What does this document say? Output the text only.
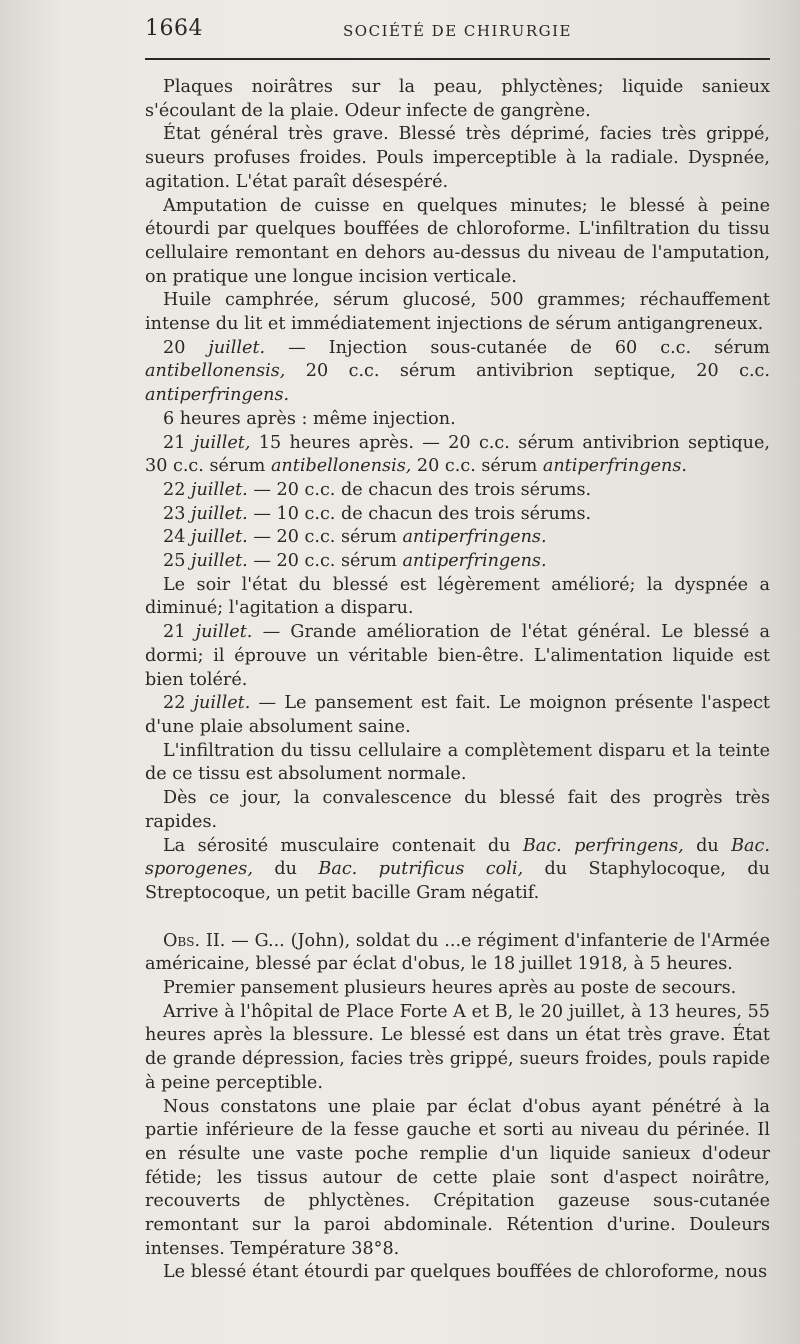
1664	SOCIÉTÉ DE CHIRURGIE

Plaques noirâtres sur la peau, phlyctènes; liquide sanieux s'écoulant de la plaie. Odeur infecte de gangrène.

État général très grave. Blessé très déprimé, facies très grippé, sueurs profuses froides. Pouls imperceptible à la radiale. Dyspnée, agitation. L'état paraît désespéré.

Amputation de cuisse en quelques minutes; le blessé à peine étourdi par quelques bouffées de chloroforme. L'infiltration du tissu cellulaire remontant en dehors au-dessus du niveau de l'amputation, on pratique une longue incision verticale.

Huile camphrée, sérum glucosé, 500 grammes; réchauffement intense du lit et immédiatement injections de sérum antigangreneux.

20 juillet. — Injection sous-cutanée de 60 c.c. sérum antibellonensis, 20 c.c. sérum antivibrion septique, 20 c.c. antiperfringens.

6 heures après : même injection.

21 juillet, 15 heures après. — 20 c.c. sérum antivibrion septique, 30 c.c. sérum antibellonensis, 20 c.c. sérum antiperfringens.

22 juillet. — 20 c.c. de chacun des trois sérums.

23 juillet. — 10 c.c. de chacun des trois sérums.

24 juillet. — 20 c.c. sérum antiperfringens.

25 juillet. — 20 c.c. sérum antiperfringens.

Le soir l'état du blessé est légèrement amélioré; la dyspnée a diminué; l'agitation a disparu.

21 juillet. — Grande amélioration de l'état général. Le blessé a dormi; il éprouve un véritable bien-être. L'alimentation liquide est bien toléré.

22 juillet. — Le pansement est fait. Le moignon présente l'aspect d'une plaie absolument saine.

L'infiltration du tissu cellulaire a complètement disparu et la teinte de ce tissu est absolument normale.

Dès ce jour, la convalescence du blessé fait des progrès très rapides.

La sérosité musculaire contenait du Bac. perfringens, du Bac. sporogenes, du Bac. putrificus coli, du Staphylocoque, du Streptocoque, un petit bacille Gram négatif.

Obs. II. — G... (John), soldat du ...e régiment d'infanterie de l'Armée américaine, blessé par éclat d'obus, le 18 juillet 1918, à 5 heures.

Premier pansement plusieurs heures après au poste de secours.

Arrive à l'hôpital de Place Forte A et B, le 20 juillet, à 13 heures, 55 heures après la blessure. Le blessé est dans un état très grave. État de grande dépression, facies très grippé, sueurs froides, pouls rapide à peine perceptible.

Nous constatons une plaie par éclat d'obus ayant pénétré à la partie inférieure de la fesse gauche et sorti au niveau du périnée. Il en résulte une vaste poche remplie d'un liquide sanieux d'odeur fétide; les tissus autour de cette plaie sont d'aspect noirâtre, recouverts de phlyctènes. Crépitation gazeuse sous-cutanée remontant sur la paroi abdominale. Rétention d'urine. Douleurs intenses. Température 38°8.

Le blessé étant étourdi par quelques bouffées de chloroforme, nous
